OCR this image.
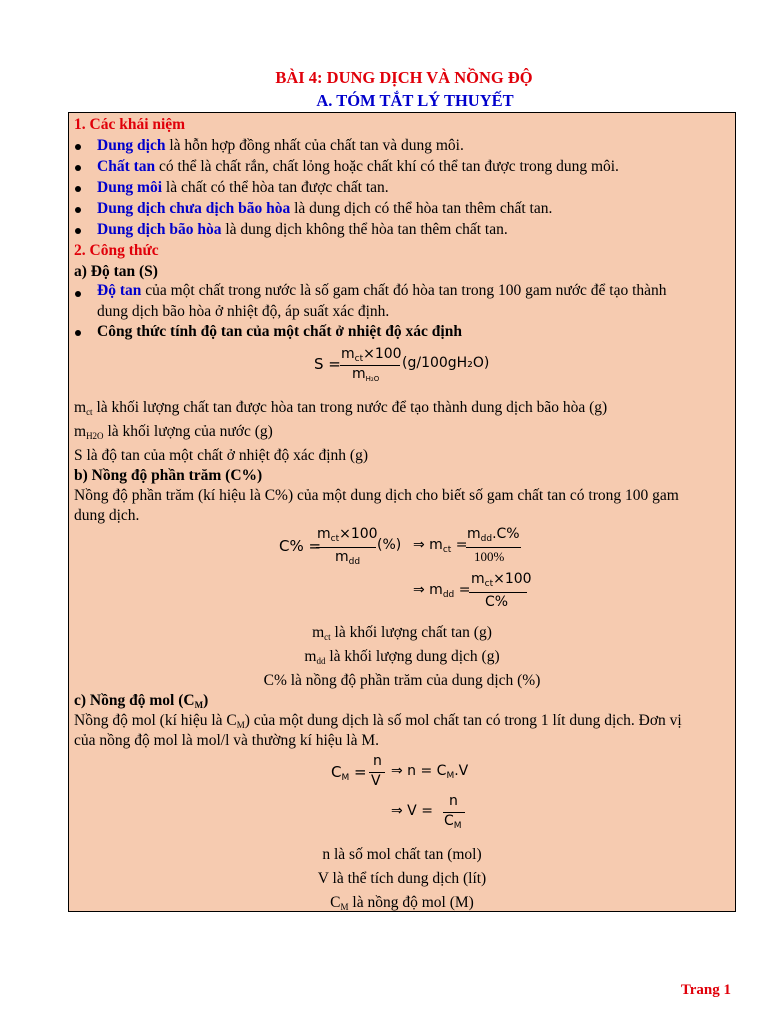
BÀI 4: DUNG DỊCH VÀ NỒNG ĐỘ
A. TÓM TẮT LÝ THUYẾT
1. Các khái niệm
Dung dịch là hỗn hợp đồng nhất của chất tan và dung môi.
Chất tan có thể là chất rắn, chất lỏng hoặc chất khí có thể tan được trong dung môi.
Dung môi là chất có thể hòa tan được chất tan.
Dung dịch chưa dịch bão hòa là dung dịch có thể hòa tan thêm chất tan.
Dung dịch bão hòa là dung dịch không thể hòa tan thêm chất tan.
2. Công thức
a) Độ tan (S)
Độ tan của một chất trong nước là số gam chất đó hòa tan trong 100 gam nước để tạo thành
dung dịch bão hòa ở nhiệt độ, áp suất xác định.
Công thức tính độ tan của một chất ở nhiệt độ xác định
S =
$m_{ct}\times 100$
$m_{H_2O}$
(g/100gH₂O)
$m_{ct}$ là khối lượng chất tan được hòa tan trong nước để tạo thành dung dịch bão hòa (g)
$m_{H2O}$ là khối lượng của nước (g)
S là độ tan của một chất ở nhiệt độ xác định (g)
b) Nồng độ phần trăm (C%)
Nồng độ phần trăm (kí hiệu là C%) của một dung dịch cho biết số gam chất tan có trong 100 gam
dung dịch.
C% =
$m_{ct}\times 100$
$m_{dd}$
(%) ⇒ $m_{ct}$ =
$m_{dd}.C\%$
100%
⇒ $m_{dd}$ =
$m_{ct}\times 100$
C%
$m_{ct}$ là khối lượng chất tan (g)
$m_{dd}$ là khối lượng dung dịch (g)
C% là nồng độ phần trăm của dung dịch (%)
c) Nồng độ mol $(C_M)$
Nồng độ mol (kí hiệu là $C_M$) của một dung dịch là số mol chất tan có trong 1 lít dung dịch. Đơn vị
của nồng độ mol là mol/l và thường kí hiệu là M.
$C_M$ =
n
V
⇒ $n = C_M.V$
⇒ V =
n
$C_M$
n là số mol chất tan (mol)
V là thể tích dung dịch (lít)
$C_M$ là nồng độ mol (M)
Trang 1
